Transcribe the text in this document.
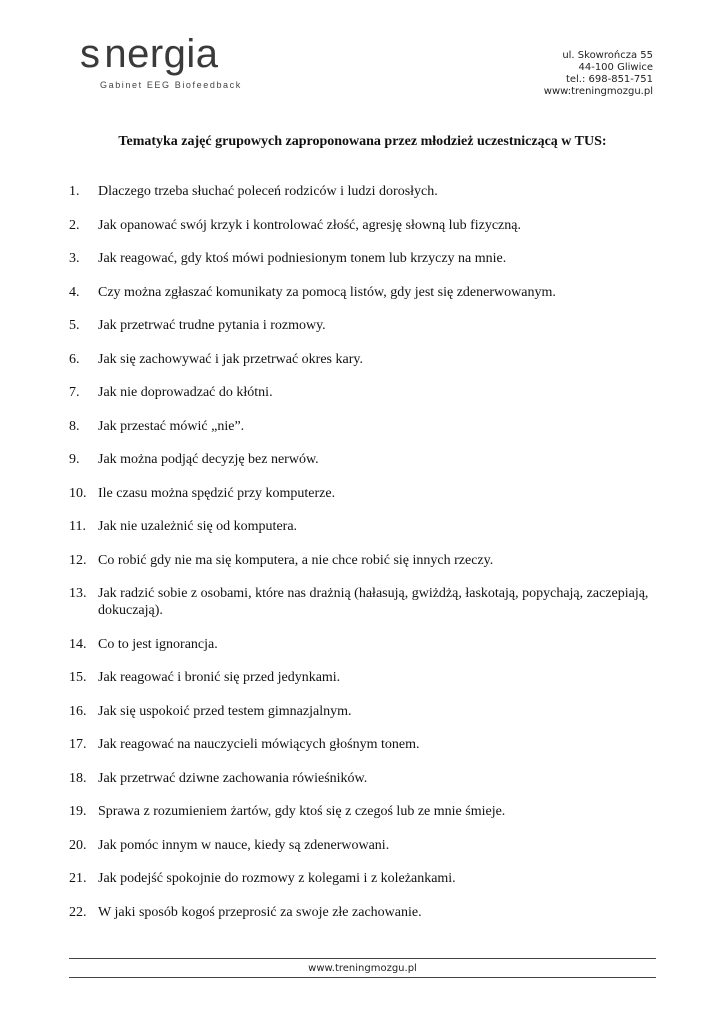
s nergia
Gabinet EEG Biofeedback
ul. Skowrończa 55
44-100 Gliwice
tel.: 698-851-751
www:treningmozgu.pl
Tematyka zajęć grupowych zaproponowana przez młodzież uczestniczącą w TUS:
1.	Dlaczego trzeba słuchać poleceń rodziców i ludzi dorosłych.
2.	Jak opanować swój krzyk i kontrolować złość, agresję słowną lub fizyczną.
3.	Jak reagować, gdy ktoś mówi podniesionym tonem lub krzyczy na mnie.
4.	Czy można zgłaszać komunikaty za pomocą listów, gdy jest się zdenerwowanym.
5.	Jak przetrwać trudne pytania i rozmowy.
6.	Jak się zachowywać i jak przetrwać okres kary.
7.	Jak nie doprowadzać do kłótni.
8.	Jak przestać mówić „nie”.
9.	Jak można podjąć decyzję bez nerwów.
10. Ile czasu można spędzić przy komputerze.
11. Jak nie uzależnić się od komputera.
12. Co robić gdy nie ma się komputera, a nie chce robić się innych rzeczy.
13. Jak radzić sobie z osobami, które nas drażnią (hałasują, gwiżdżą, łaskotają, popychają, zaczepiają, dokuczają).
14. Co to jest ignorancja.
15. Jak reagować i bronić się przed jedynkami.
16. Jak się uspokoić przed testem gimnazjalnym.
17. Jak reagować na nauczycieli mówiących głośnym tonem.
18. Jak przetrwać dziwne zachowania rówieśników.
19. Sprawa z rozumieniem żartów, gdy ktoś się z czegoś lub ze mnie śmieje.
20. Jak pomóc innym w nauce, kiedy są zdenerwowani.
21. Jak podejść spokojnie do rozmowy z kolegami i z koleżankami.
22. W jaki sposób kogoś przeprosić za swoje złe zachowanie.
www.treningmozgu.pl
